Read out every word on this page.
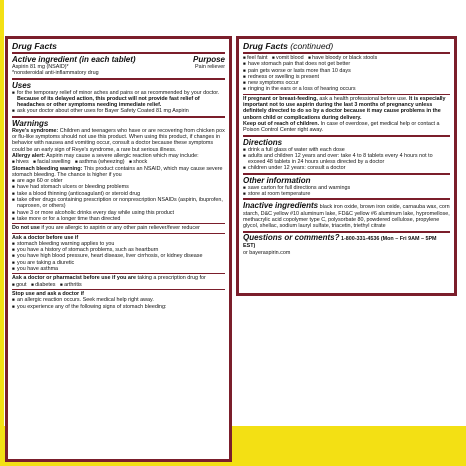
Drug Facts
Active ingredient (in each tablet)	Purpose
Aspirin 81 mg (NSAID)*	Pain reliever
*nonsteroidal anti-inflammatory drug
Uses
■ for the temporary relief of minor aches and pains or as recommended by your doctor. Because of its delayed action, this product will not provide fast relief of headaches or other symptoms needing immediate relief.
■ ask your doctor about other uses for Bayer Safety Coated 81 mg Aspirin
Warnings
Reye's syndrome: Children and teenagers who have or are recovering from chicken pox or flu-like symptoms should not use this product. When using this product, if changes in behavior with nausea and vomiting occur, consult a doctor because these symptoms could be an early sign of Reye's syndrome, a rare but serious illness.
Allergy alert: Aspirin may cause a severe allergic reaction which may include:
■ hives ■ facial swelling ■ asthma (wheezing) ■ shock
Stomach bleeding warning: This product contains an NSAID, which may cause severe stomach bleeding. The chance is higher if you
■ are age 60 or older
■ have had stomach ulcers or bleeding problems
■ take a blood thinning (anticoagulant) or steroid drug
■ take other drugs containing prescription or nonprescription NSAIDs (aspirin, ibuprofen, naproxen, or others)
■ have 3 or more alcoholic drinks every day while using this product
■ take more or for a longer time than directed
Do not use if you are allergic to aspirin or any other pain reliever/fever reducer
Ask a doctor before use if
■ stomach bleeding warning applies to you
■ you have a history of stomach problems, such as heartburn
■ you have high blood pressure, heart disease, liver cirrhosis, or kidney disease
■ you are taking a diuretic
■ you have asthma
Ask a doctor or pharmacist before use if you are taking a prescription drug for
■ gout ■ diabetes ■ arthritis
Stop use and ask a doctor if
■ an allergic reaction occurs. Seek medical help right away.
■ you experience any of the following signs of stomach bleeding:
Drug Facts (continued)
■ feel faint ■ vomit blood ■ have bloody or black stools
■ have stomach pain that does not get better
■ pain gets worse or lasts more than 10 days
■ redness or swelling is present
■ new symptoms occur
■ ringing in the ears or a loss of hearing occurs
If pregnant or breast-feeding, ask a health professional before use. It is especially important not to use aspirin during the last 3 months of pregnancy unless definitely directed to do so by a doctor because it may cause problems in the unborn child or complications during delivery.
Keep out of reach of children. In case of overdose, get medical help or contact a Poison Control Center right away.
Directions
■ drink a full glass of water with each dose
■ adults and children 12 years and over: take 4 to 8 tablets every 4 hours not to exceed 48 tablets in 24 hours unless directed by a doctor
■ children under 12 years: consult a doctor
Other information
■ save carton for full directions and warnings
■ store at room temperature
Inactive ingredients black iron oxide, brown iron oxide, carnauba wax, corn starch, D&C yellow #10 aluminum lake, FD&C yellow #6 aluminum lake, hypromellose, methacrylic acid copolymer type C, polysorbate 80, powdered cellulose, propylene glycol, shellac, sodium lauryl sulfate, triacetin, triethyl citrate
Questions or comments? 1-800-331-4536 (Mon – Fri 9AM – 5PM EST)
or bayeraspirin.com
